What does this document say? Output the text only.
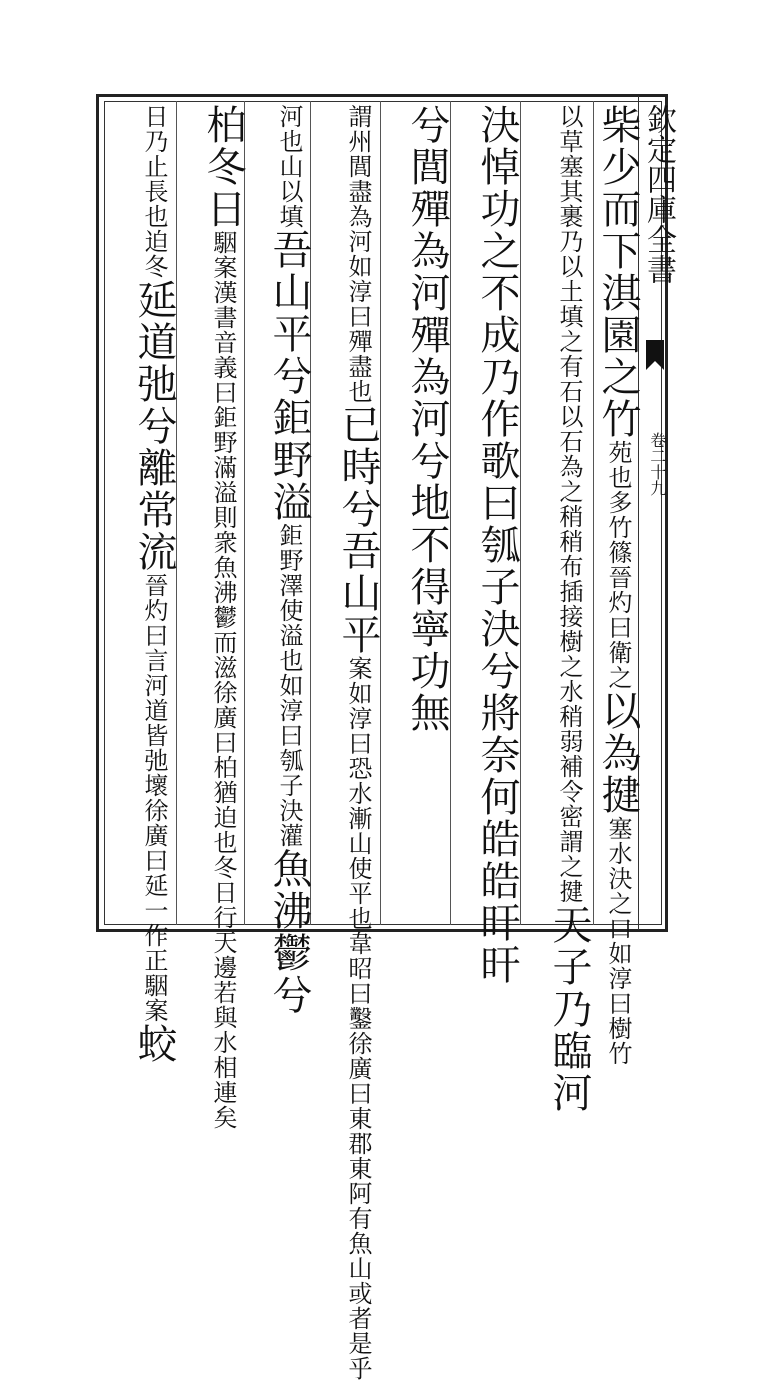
欽定四庫全書
卷二十九
柴少而下淇園之竹
晉灼曰衛之
苑也多竹篠
以為揵
如淳曰樹竹
塞水決之口
稍稍布插接樹之水稍弱補令密謂之揵
以草塞其裹乃以土填之有石以石為之
天子乃臨河
決悼功之不成乃作歌曰瓠子決兮將奈何皓皓旰旰
兮閭殫為河殫為河兮地不得寧功無
如淳曰殫盡也
謂州閭盡為河
已時兮吾山平
徐廣曰東郡東阿有魚山或者是乎
案如淳曰恐水漸山使平也韋昭曰鑿
山以填
河也
吾山平兮鉅野溢
如淳曰瓠子決灌
鉅野澤使溢也
魚沸鬱兮
柏冬日
徐廣曰柏猶迫也冬日行天邊若與水相連矣
駰案漢書音義曰鉅野滿溢則衆魚沸鬱而滋
長也迫冬
日乃止
延道弛兮離常流
徐廣曰延一作正駰案
晉灼曰言河道皆弛壞
蛟
